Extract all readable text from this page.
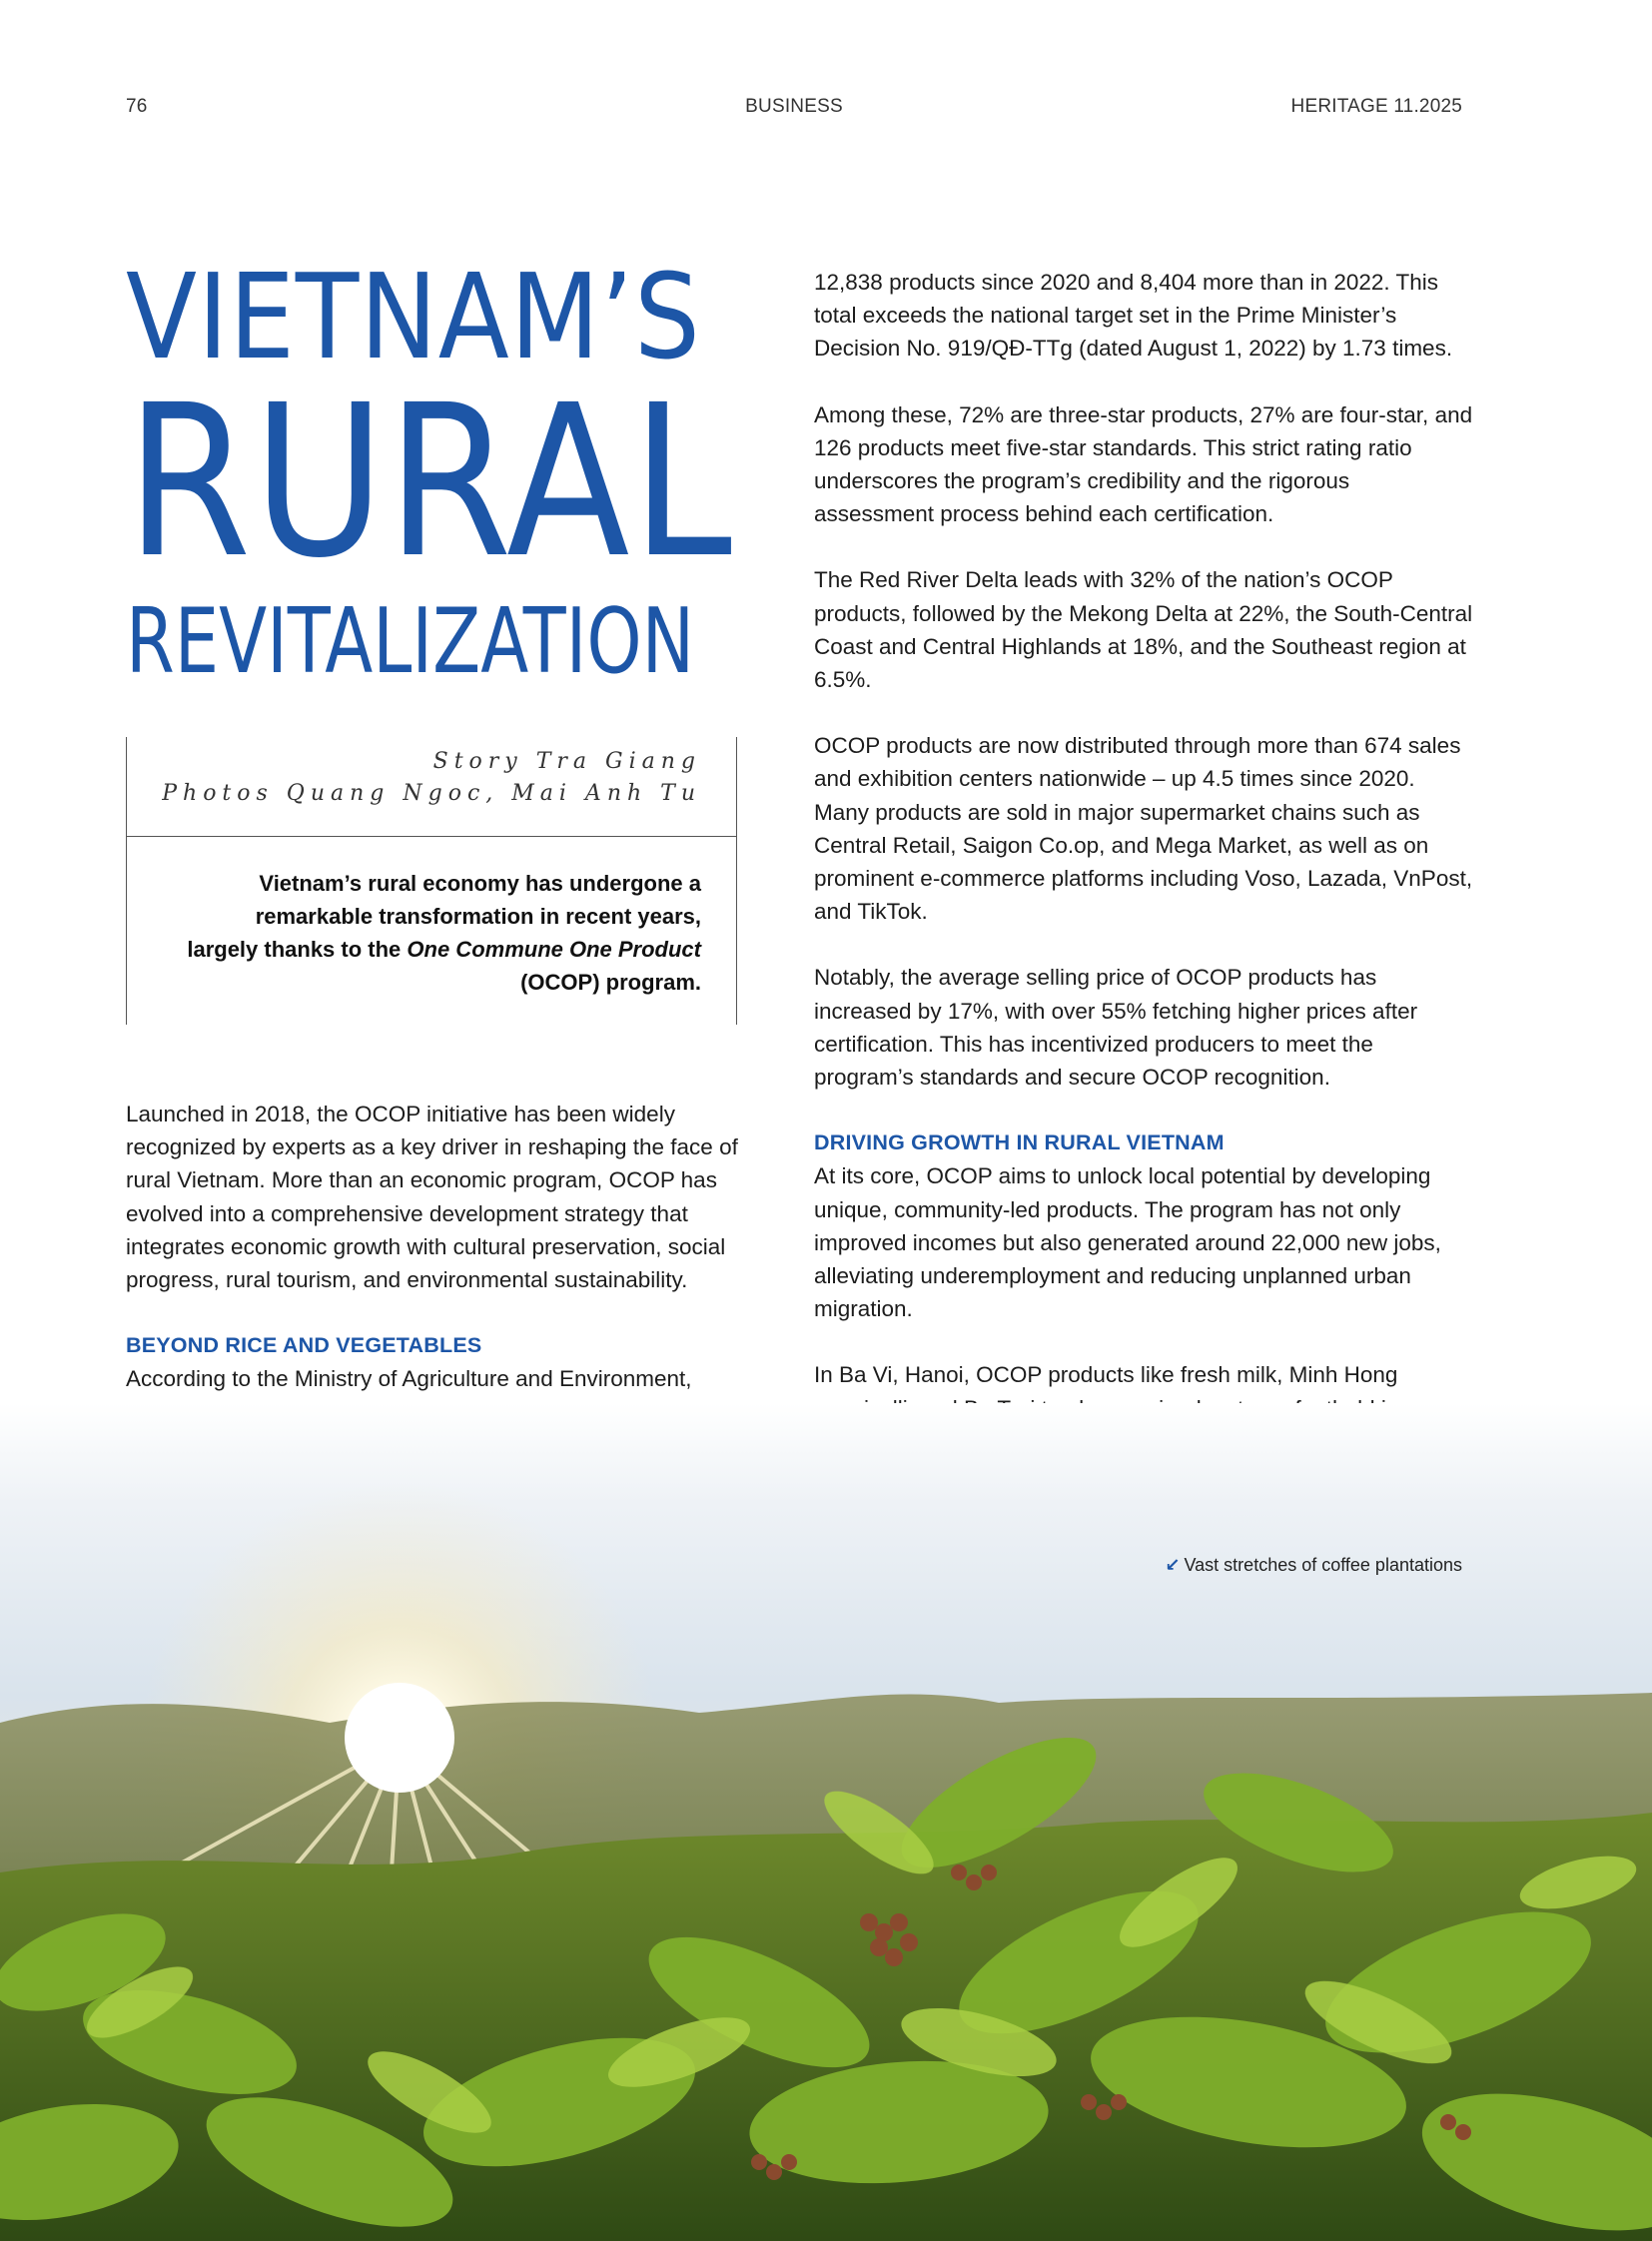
76	BUSINESS	HERITAGE 11.2025
VIETNAM’S
RURAL
REVITALIZATION
Story Tra Giang
Photos Quang Ngoc, Mai Anh Tu
Vietnam’s rural economy has undergone a remarkable transformation in recent years, largely thanks to the One Commune One Product (OCOP) program.

Launched in 2018, the OCOP initiative has been widely recognized by experts as a key driver in reshaping the face of rural Vietnam. More than an economic program, OCOP has evolved into a comprehensive development strategy that integrates economic growth with cultural preservation, social progress, rural tourism, and environmental sustainability.

BEYOND RICE AND VEGETABLES

According to the Ministry of Agriculture and Environment,

12,838 products since 2020 and 8,404 more than in 2022. This total exceeds the national target set in the Prime Minister’s Decision No. 919/QĐ-TTg (dated August 1, 2022) by 1.73 times.

Among these, 72% are three-star products, 27% are four-star, and 126 products meet five-star standards. This strict rating ratio underscores the program’s credibility and the rigorous assessment process behind each certification.

The Red River Delta leads with 32% of the nation’s OCOP products, followed by the Mekong Delta at 22%, the South-Central Coast and Central Highlands at 18%, and the Southeast region at 6.5%.

OCOP products are now distributed through more than 674 sales and exhibition centers nationwide – up 4.5 times since 2020. Many products are sold in major supermarket chains such as Central Retail, Saigon Co.op, and Mega Market, as well as on prominent e-commerce platforms including Voso, Lazada, VnPost, and TikTok.

Notably, the average selling price of OCOP products has increased by 17%, with over 55% fetching higher prices after certification. This has incentivized producers to meet the program’s standards and secure OCOP recognition.

DRIVING GROWTH IN RURAL VIETNAM

At its core, OCOP aims to unlock local potential by developing unique, community-led products. The program has not only improved incomes but also generated around 22,000 new jobs, alleviating underemployment and reducing unplanned urban migration.

In Ba Vi, Hanoi, OCOP products like fresh milk, Minh Hong

↙ Vast stretches of coffee plantations
